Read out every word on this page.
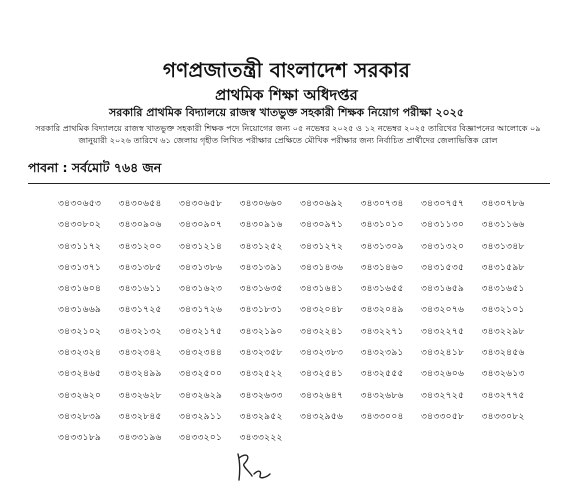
গণপ্রজাতন্ত্রী বাংলাদেশ সরকার
প্রাথমিক শিক্ষা অধিদপ্তর
সরকারি প্রাথমিক বিদ্যালয়ে রাজস্ব খাতভুক্ত সহকারী শিক্ষক নিয়োগ পরীক্ষা ২০২৫
সরকারি প্রাথমিক বিদ্যালয়ে রাজস্ব খাতভুক্ত সহকারী শিক্ষক পদে নিয়োগের জন্য ০৫ নভেম্বর ২০২৫ ও ১২ নভেম্বর ২০২৫ তারিখের বিজ্ঞাপনের আলোকে ০৯ জানুয়ারী ২০২৬ তারিখে ৬১ জেলায় গৃহীত লিখিত পরীক্ষার প্রেক্ষিতে মৌখিক পরীক্ষার জন্য নির্বাচিত প্রার্থীদের জেলাভিত্তিক রোল
পাবনা : সর্বমোট ৭৬৪ জন
৩৪৩০৬৫৩	৩৪৩০৬৫৪	৩৪৩০৬৫৮	৩৪৩০৬৬০	৩৪৩০৬৯২	৩৪৩০৭৩৪	৩৪৩০৭৫৭	৩৪৩০৭৮৬
৩৪৩০৮০২	৩৪৩০৯০৬	৩৪৩০৯০৭	৩৪৩০৯১৬	৩৪৩০৯৭১	৩৪৩১০১০	৩৪৩১১৩০	৩৪৩১১৬৬
৩৪৩১১৭২	৩৪৩১২০০	৩৪৩১২১৪	৩৪৩১২৫২	৩৪৩১২৭২	৩৪৩১৩০৯	৩৪৩১৩২০	৩৪৩১৩৪৮
৩৪৩১৩৭১	৩৪৩১৩৮৫	৩৪৩১৩৮৬	৩৪৩১৩৯১	৩৪৩১৪৩৬	৩৪৩১৪৬০	৩৪৩১৫৩৫	৩৪৩১৫৯৮
৩৪৩১৬০৪	৩৪৩১৬১১	৩৪৩১৬২৩	৩৪৩১৬৩৫	৩৪৩১৬৪১	৩৪৩১৬৫৫	৩৪৩১৬৫৯	৩৪৩১৬৫১
৩৪৩১৬৬৯	৩৪৩১৭২৫	৩৪৩১৭২৬	৩৪৩১৮৩১	৩৪৩২০৪৮	৩৪৩২০৪৯	৩৪৩২০৭৬	৩৪৩২১০১
৩৪৩২১০২	৩৪৩২১৩২	৩৪৩২১৭৫	৩৪৩২১৯০	৩৪৩২২৪১	৩৪৩২২৭১	৩৪৩২২৭৫	৩৪৩২২৯৮
৩৪৩২৩২৪	৩৪৩২৩৪২	৩৪৩২৩৪৪	৩৪৩২৩৫৮	৩৪৩২৩৮৩	৩৪৩২৩৯১	৩৪৩২৪১৮	৩৪৩২৪৫৬
৩৪৩২৪৬৫	৩৪৩২৪৯৯	৩৪৩২৫০০	৩৪৩২৫২২	৩৪৩২৫৪১	৩৪৩২৫৫৫	৩৪৩২৬০৬	৩৪৩২৬১৩
৩৪৩২৬২০	৩৪৩২৬২৮	৩৪৩২৬২৯	৩৪৩২৬৩৩	৩৪৩২৬৪৭	৩৪৩২৬৮৬	৩৪৩২৭২৫	৩৪৩২৭৭৫
৩৪৩২৮৩৯	৩৪৩২৮৪৫	৩৪৩২৯১১	৩৪৩২৯৫২	৩৪৩২৯৫৬	৩৪৩৩০০৪	৩৪৩৩০৫৮	৩৪৩৩০৮২
৩৪৩৩১৮৯	৩৪৩৩১৯৬	৩৪৩৩২০১	৩৪৩৩২২২
